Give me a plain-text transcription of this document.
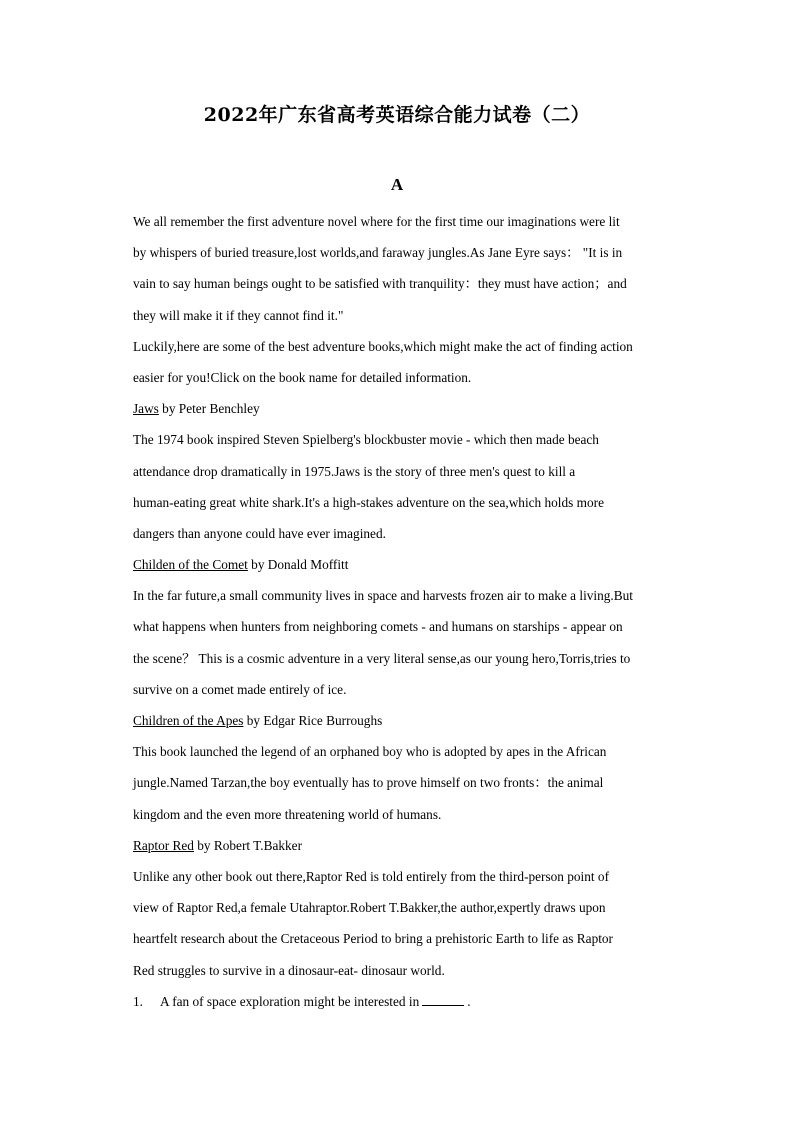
2022年广东省高考英语综合能力试卷（二）
A
We all remember the first adventure novel where for the first time our imaginations were lit
by whispers of buried treasure,lost worlds,and faraway jungles.As Jane Eyre says： "It is in
vain to say human beings ought to be satisfied with tranquility：they must have action；and
they will make it if they cannot find it."
Luckily,here are some of the best adventure books,which might make the act of finding action
easier for you!Click on the book name for detailed information.
Jaws by Peter Benchley
The 1974 book inspired Steven Spielberg's blockbuster movie - which then made beach
attendance drop dramatically in 1975.Jaws is the story of three men's quest to kill a
human-eating great white shark.It's a high-stakes adventure on the sea,which holds more
dangers than anyone could have ever imagined.
Childen of the Comet by Donald Moffitt
In the far future,a small community lives in space and harvests frozen air to make a living.But
what happens when hunters from neighboring comets - and humans on starships - appear on
the scene？ This is a cosmic adventure in a very literal sense,as our young hero,Torris,tries to
survive on a comet made entirely of ice.
Children of the Apes by Edgar Rice Burroughs
This book launched the legend of an orphaned boy who is adopted by apes in the African
jungle.Named Tarzan,the boy eventually has to prove himself on two fronts：the animal
kingdom and the even more threatening world of humans.
Raptor Red by Robert T.Bakker
Unlike any other book out there,Raptor Red is told entirely from the third-person point of
view of Raptor Red,a female Utahraptor.Robert T.Bakker,the author,expertly draws upon
heartfelt research about the Cretaceous Period to bring a prehistoric Earth to life as Raptor
Red struggles to survive in a dinosaur-eat- dinosaur world.
1. A fan of space exploration might be interested in	.
